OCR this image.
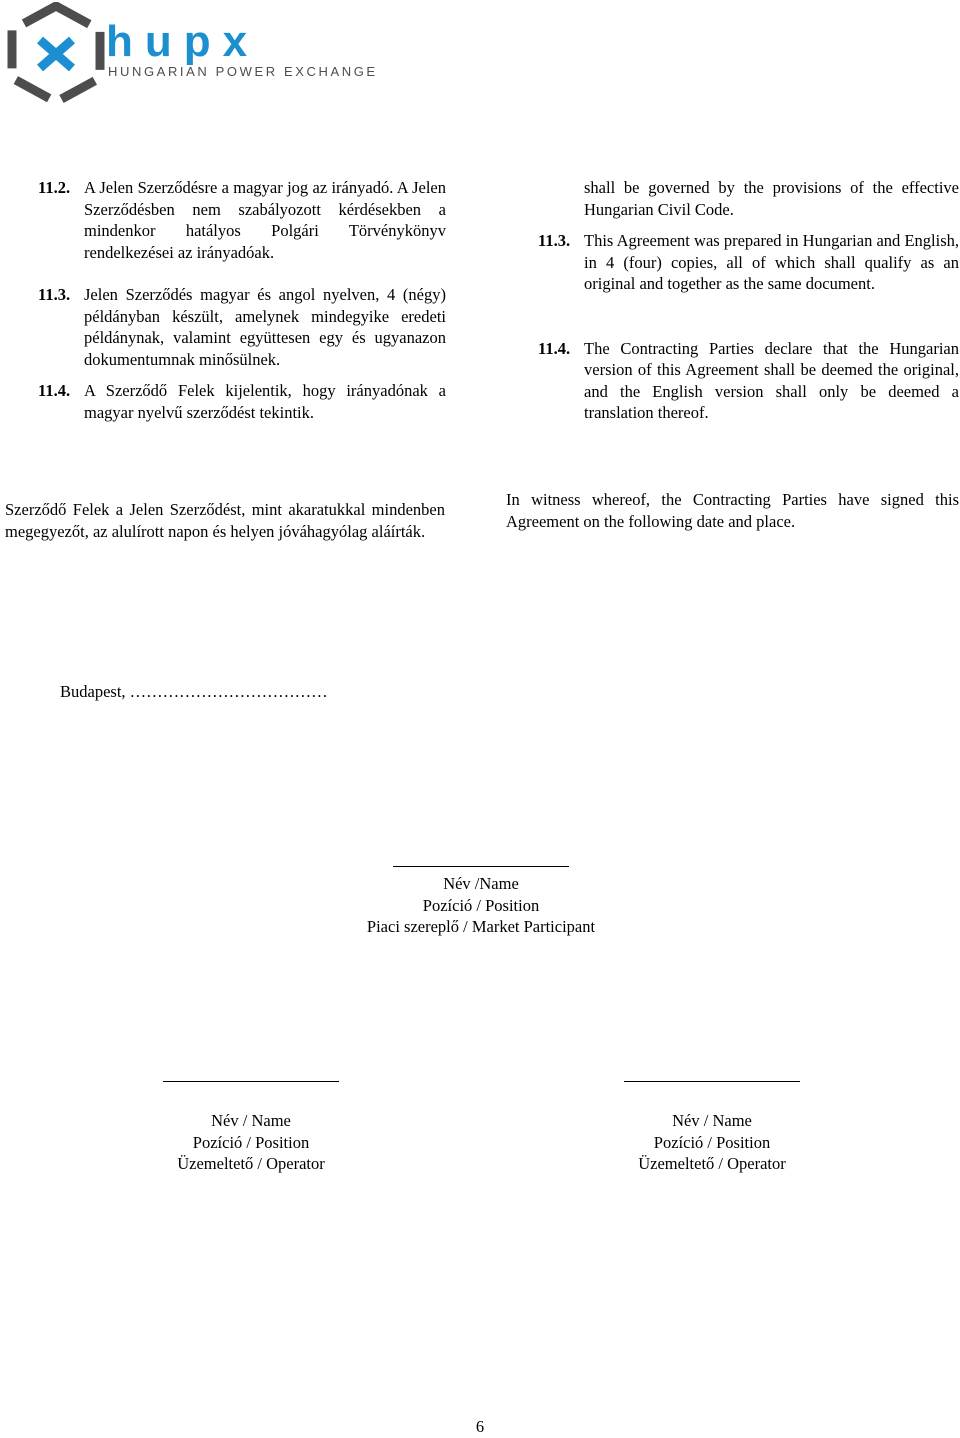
hupx
HUNGARIAN POWER EXCHANGE
11.2. A Jelen Szerződésre a magyar jog az irányadó. A Jelen Szerződésben nem szabályozott kérdésekben a mindenkor hatályos Polgári Törvénykönyv rendelkezései az irányadóak.
11.3. Jelen Szerződés magyar és angol nyelven, 4 (négy) példányban készült, amelynek mindegyike eredeti példánynak, valamint együttesen egy és ugyanazon dokumentumnak minősülnek.
11.4. A Szerződő Felek kijelentik, hogy irányadónak a magyar nyelvű szerződést tekintik.
shall be governed by the provisions of the effective Hungarian Civil Code.
11.3. This Agreement was prepared in Hungarian and English, in 4 (four) copies, all of which shall qualify as an original and together as the same document.
11.4. The Contracting Parties declare that the Hungarian version of this Agreement shall be deemed the original, and the English version shall only be deemed a translation thereof.
Szerződő Felek a Jelen Szerződést, mint akaratukkal mindenben megegyezőt, az alulírott napon és helyen jóváhagyólag aláírták.
In witness whereof, the Contracting Parties have signed this Agreement on the following date and place.
Budapest, ………………………………
Név /Name
Pozíció / Position
Piaci szereplő / Market Participant
Név / Name
Pozíció / Position
Üzemeltető / Operator
Név / Name
Pozíció / Position
Üzemeltető / Operator
6
